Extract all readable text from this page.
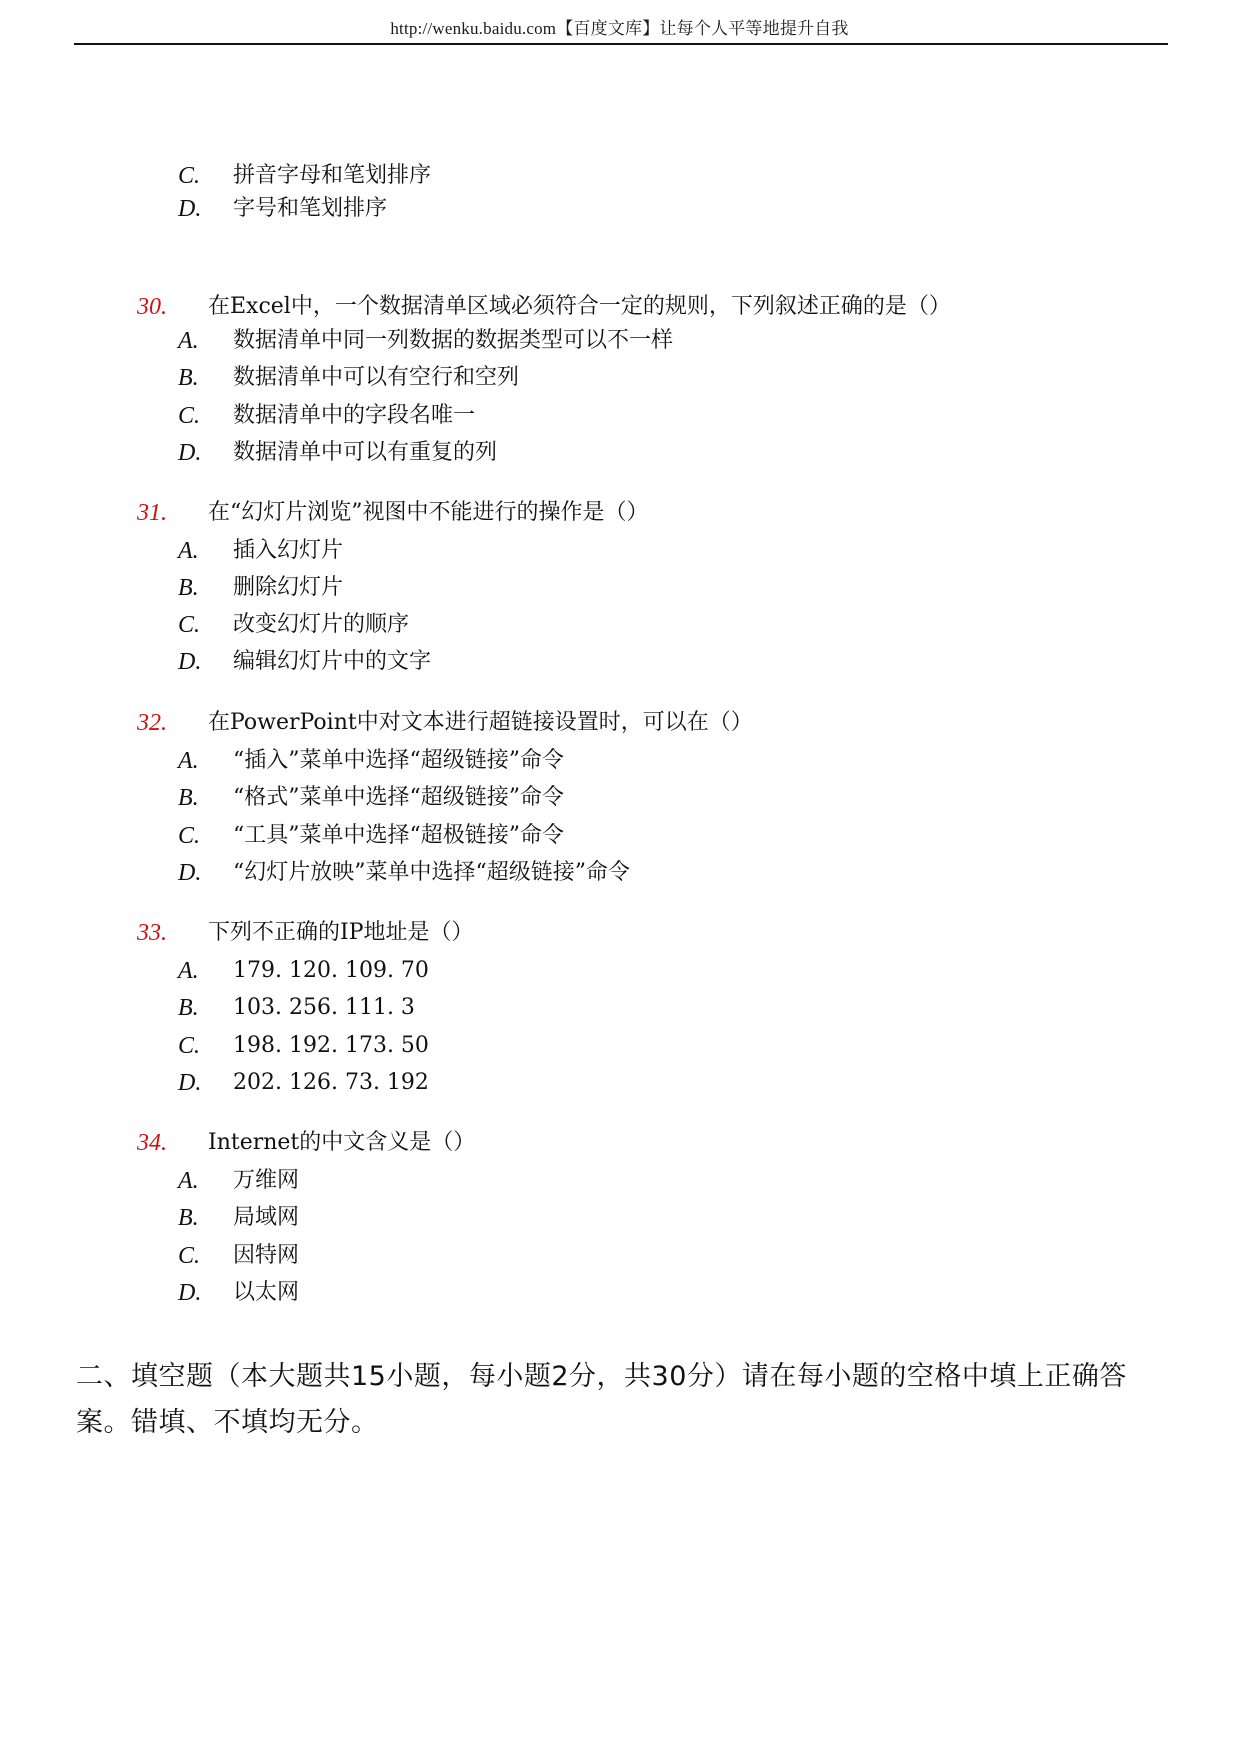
http://wenku.baidu.com【百度文库】让每个人平等地提升自我
C. 拼音字母和笔划排序
D. 字号和笔划排序
30. 在Excel中，一个数据清单区域必须符合一定的规则，下列叙述正确的是（）
A. 数据清单中同一列数据的数据类型可以不一样
B. 数据清单中可以有空行和空列
C. 数据清单中的字段名唯一
D. 数据清单中可以有重复的列
31. 在“幻灯片浏览”视图中不能进行的操作是（）
A. 插入幻灯片
B. 删除幻灯片
C. 改变幻灯片的顺序
D. 编辑幻灯片中的文字
32. 在PowerPoint中对文本进行超链接设置时，可以在（）
A. “插入”菜单中选择“超级链接”命令
B. “格式”菜单中选择“超级链接”命令
C. “工具”菜单中选择“超极链接”命令
D. “幻灯片放映”菜单中选择“超级链接”命令
33. 下列不正确的IP地址是（）
A. 179. 120. 109. 70
B. 103. 256. 111. 3
C. 198. 192. 173. 50
D. 202. 126. 73. 192
34. Internet的中文含义是（）
A. 万维网
B. 局域网
C. 因特网
D. 以太网
二、填空题（本大题共15小题，每小题2分，共30分）请在每小题的空格中填上正确答
案。错填、不填均无分。
